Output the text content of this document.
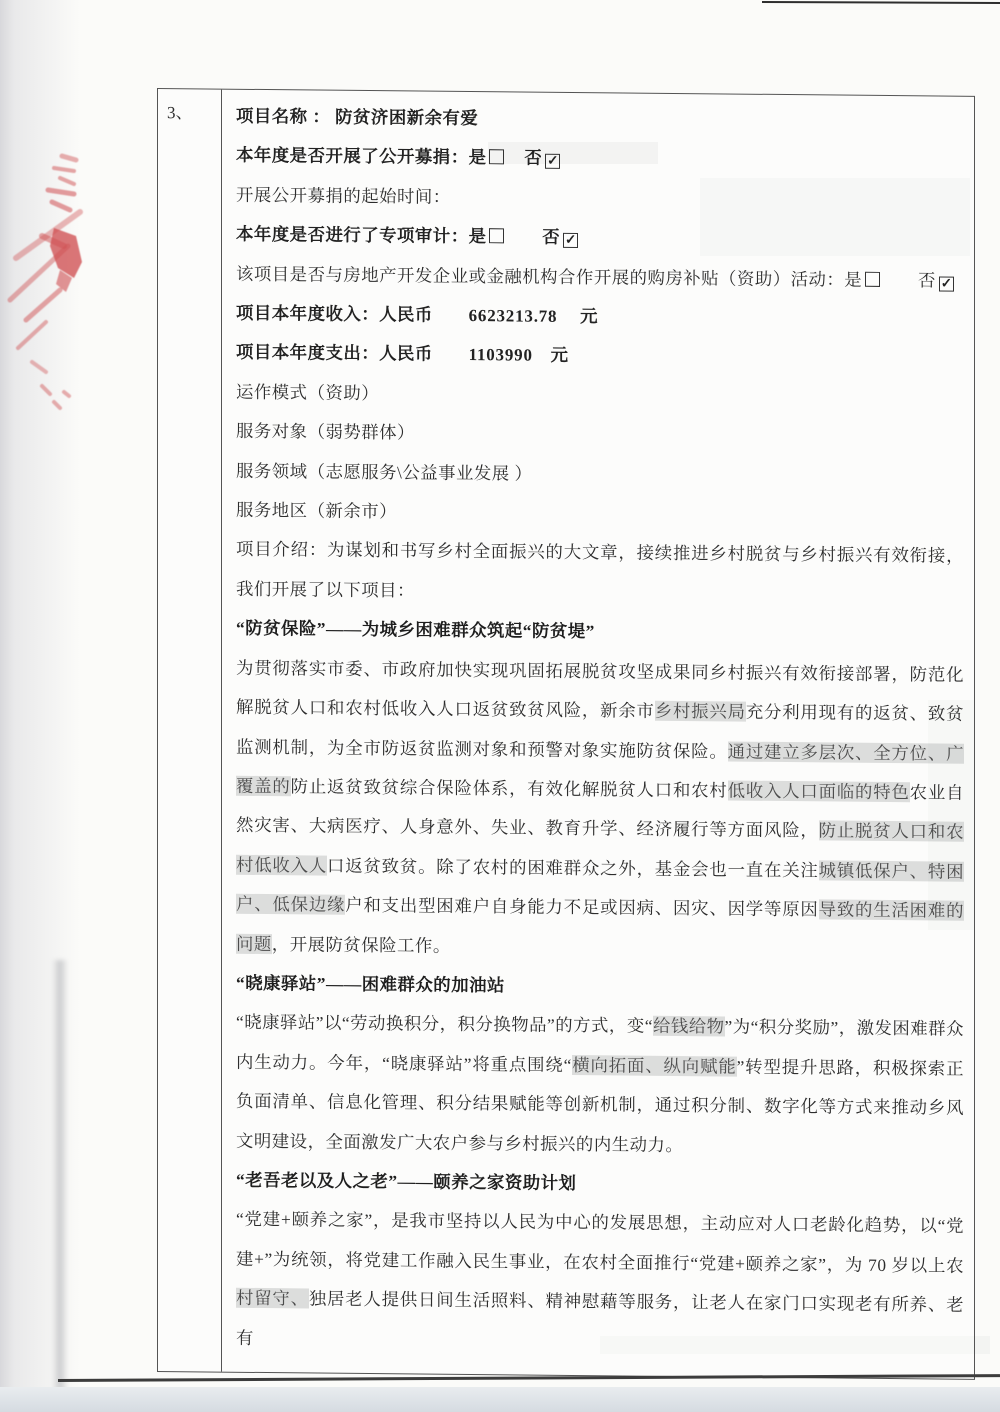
3、	项目名称 ： 防贫济困新余有爱
本年度是否开展了公开募捐：是　否 ✓
开展公开募捐的起始时间：
本年度是否进行了专项审计：是　　否 ✓
该项目是否与房地产开发企业或金融机构合作开展的购房补贴（资助）活动：是　　否 ✓
项目本年度收入：人民币　　6623213.78　 元
项目本年度支出：人民币　　1103990　元
运作模式（资助）
服务对象（弱势群体）
服务领域（志愿服务\公益事业发展 ）
服务地区（新余市）
项目介绍：为谋划和书写乡村全面振兴的大文章，接续推进乡村脱贫与乡村振兴有效衔接，我们开展了以下项目：
“防贫保险”——为城乡困难群众筑起“防贫堤”
为贯彻落实市委、市政府加快实现巩固拓展脱贫攻坚成果同乡村振兴有效衔接部署，防范化解脱贫人口和农村低收入人口返贫致贫风险，新余市乡村振兴局充分利用现有的返贫、致贫监测机制，为全市防返贫监测对象和预警对象实施防贫保险。通过建立多层次、全方位、广覆盖的防止返贫致贫综合保险体系，有效化解脱贫人口和农村低收入人口面临的特色农业自然灾害、大病医疗、人身意外、失业、教育升学、经济履行等方面风险，防止脱贫人口和农村低收入人口返贫致贫。除了农村的困难群众之外，基金会也一直在关注城镇低保户、特困户、低保边缘户和支出型困难户自身能力不足或因病、因灾、因学等原因导致的生活困难的问题，开展防贫保险工作。
“晓康驿站”——困难群众的加油站
“晓康驿站”以“劳动换积分，积分换物品”的方式，变“给钱给物”为“积分奖励”，激发困难群众内生动力。今年，“晓康驿站”将重点围绕“横向拓面、纵向赋能”转型提升思路，积极探索正负面清单、信息化管理、积分结果赋能等创新机制，通过积分制、数字化等方式来推动乡风文明建设，全面激发广大农户参与乡村振兴的内生动力。
“老吾老以及人之老”——颐养之家资助计划
“党建+颐养之家”，是我市坚持以人民为中心的发展思想，主动应对人口老龄化趋势，以“党建+”为统领，将党建工作融入民生事业，在农村全面推行“党建+颐养之家”，为 70 岁以上农村留守、独居老人提供日间生活照料、精神慰藉等服务，让老人在家门口实现老有所养、老有
